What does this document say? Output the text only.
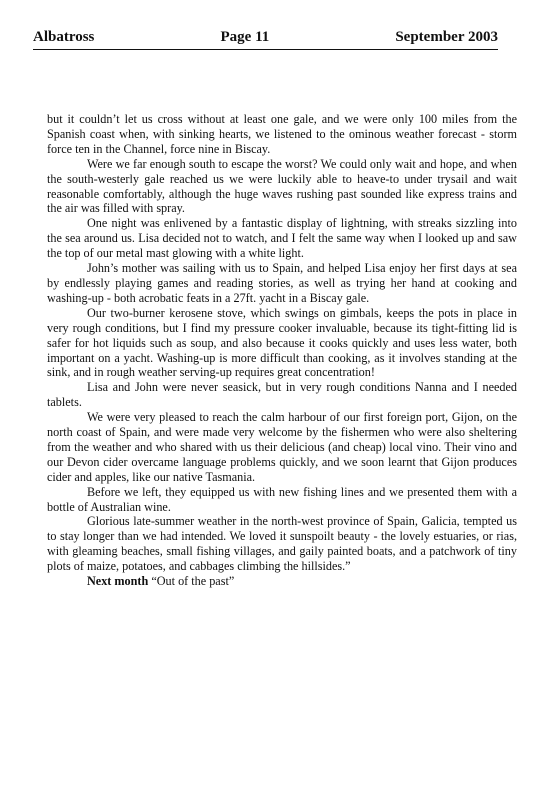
Albatross	Page 11	September 2003

but it couldn’t let us cross without at least one gale, and we were only 100 miles from the Spanish coast when, with sinking hearts, we listened to the ominous weather forecast - storm force ten in the Channel, force nine in Biscay.

Were we far enough south to escape the worst? We could only wait and hope, and when the south-westerly gale reached us we were luckily able to heave-to under trysail and wait reasonable comfortably, although the huge waves rushing past sounded like express trains and the air was filled with spray.

One night was enlivened by a fantastic display of lightning, with streaks sizzling into the sea around us. Lisa decided not to watch, and I felt the same way when I looked up and saw the top of our metal mast glowing with a white light.

John’s mother was sailing with us to Spain, and helped Lisa enjoy her first days at sea by endlessly playing games and reading stories, as well as trying her hand at cooking and washing-up - both acrobatic feats in a 27ft. yacht in a Biscay gale.

Our two-burner kerosene stove, which swings on gimbals, keeps the pots in place in very rough conditions, but I find my pressure cooker invaluable, because its tight-fitting lid is safer for hot liquids such as soup, and also because it cooks quickly and uses less water, both important on a yacht. Washing-up is more difficult than cooking, as it involves standing at the sink, and in rough weather serving-up requires great concentration!

Lisa and John were never seasick, but in very rough conditions Nanna and I needed tablets.

We were very pleased to reach the calm harbour of our first foreign port, Gijon, on the north coast of Spain, and were made very welcome by the fishermen who were also sheltering from the weather and who shared with us their delicious (and cheap) local vino. Their vino and our Devon cider overcame language problems quickly, and we soon learnt that Gijon produces cider and apples, like our native Tasmania.

Before we left, they equipped us with new fishing lines and we presented them with a bottle of Australian wine.

Glorious late-summer weather in the north-west province of Spain, Galicia, tempted us to stay longer than we had intended. We loved it sunspoilt beauty - the lovely estuaries, or rias, with gleaming beaches, small fishing villages, and gaily painted boats, and a patchwork of tiny plots of maize, potatoes, and cabbages climbing the hillsides.”

Next month “Out of the past”
